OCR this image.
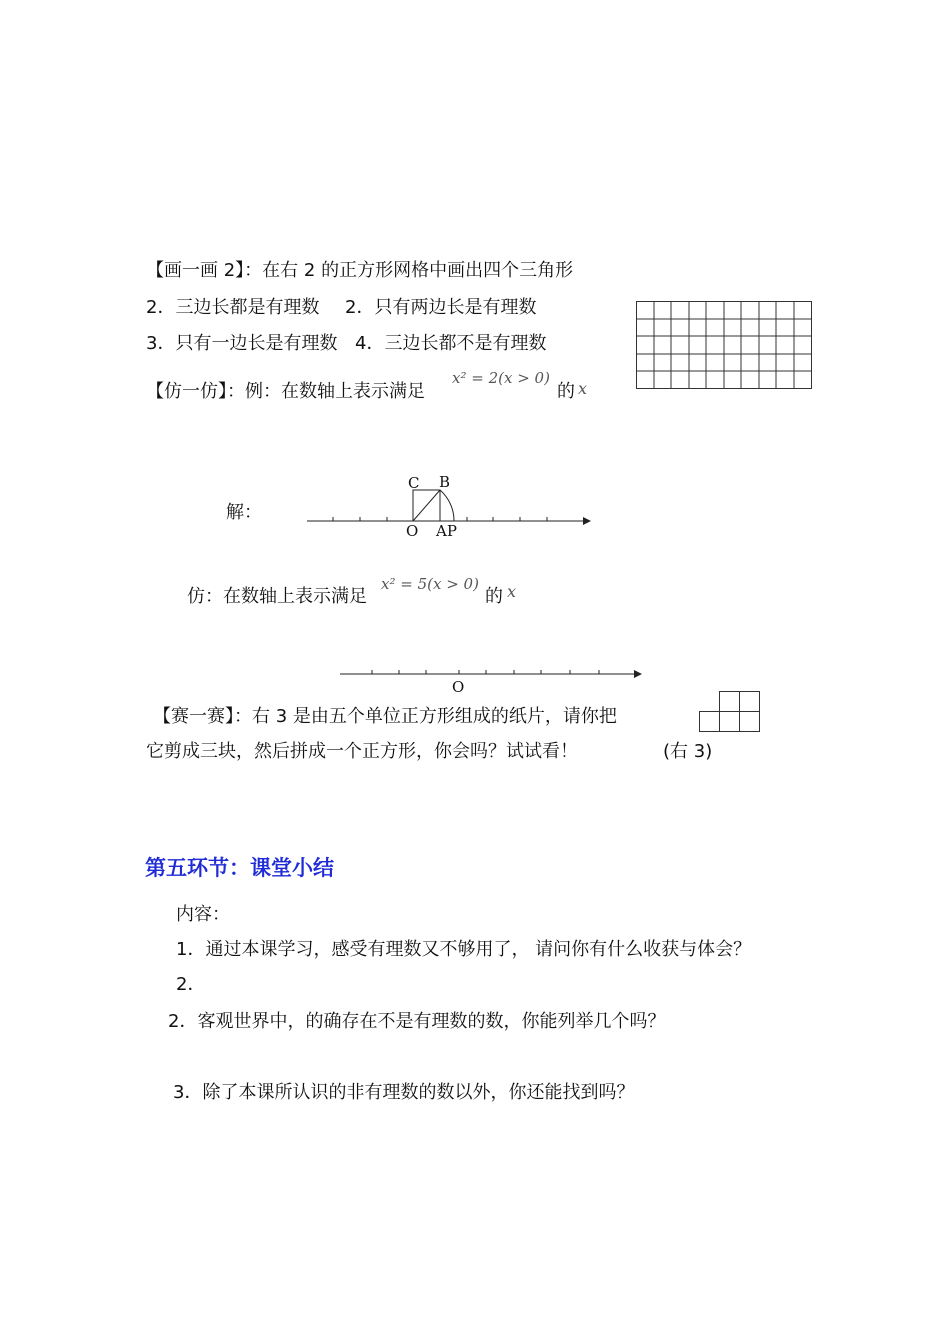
【画一画 2】：在右 2 的正方形网格中画出四个三角形
2．三边长都是有理数 2．只有两边长是有理数
3．只有一边长是有理数 4．三边长都不是有理数
【仿一仿】：例：在数轴上表示满足
x² = 2(x > 0)
的 x
解：
C B
O AP
仿：在数轴上表示满足
x² = 5(x > 0)
的 x
O
【赛一赛】：右 3 是由五个单位正方形组成的纸片，请你把
它剪成三块，然后拼成一个正方形，你会吗？试试看！	(右 3)
第五环节：课堂小结
内容：
1．通过本课学习，感受有理数又不够用了， 请问你有什么收获与体会？
2．
2．客观世界中，的确存在不是有理数的数，你能列举几个吗？
3．除了本课所认识的非有理数的数以外，你还能找到吗？
